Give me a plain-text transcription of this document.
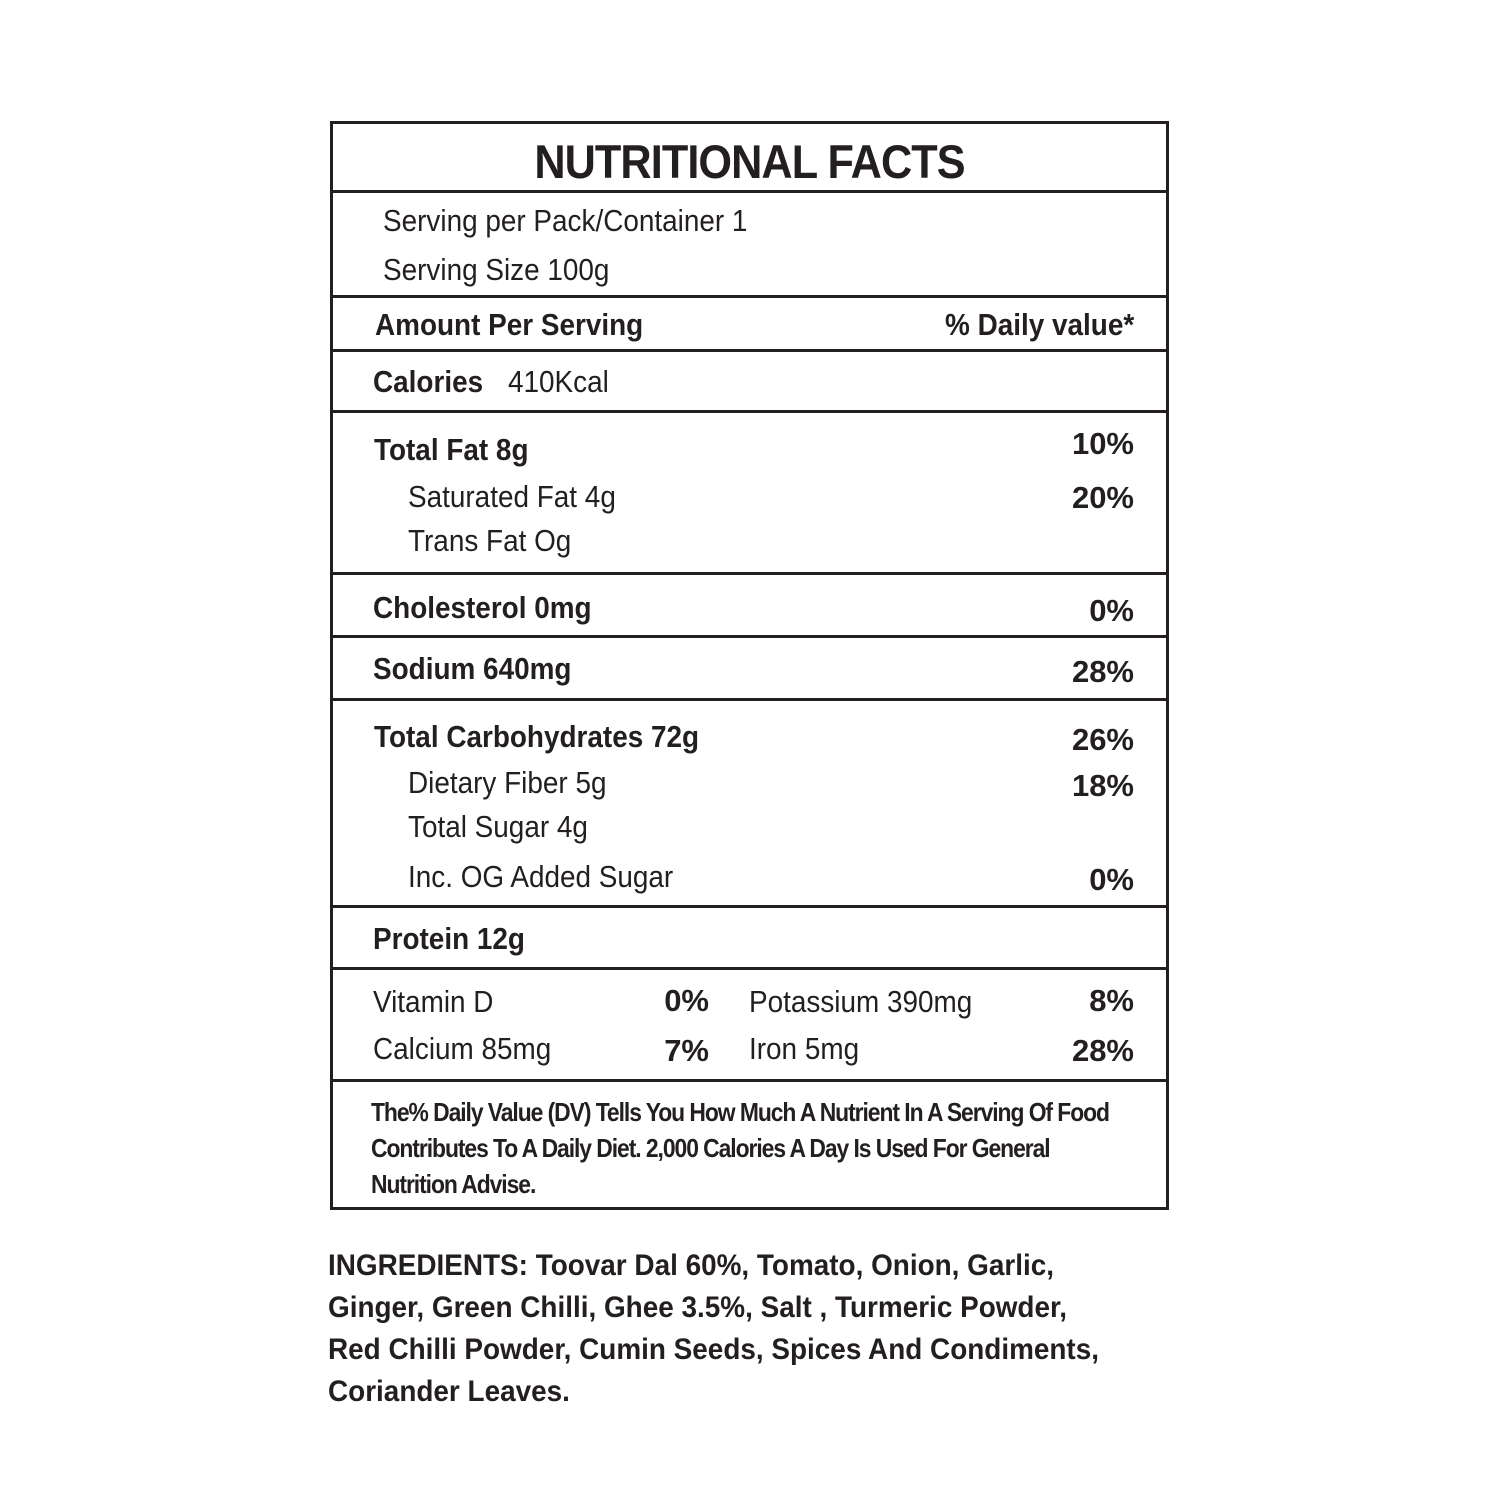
NUTRITIONAL FACTS
Serving per Pack/Container 1
Serving Size 100g
Amount Per Serving	% Daily value*
Calories 410Kcal
Total Fat 8g	10%
Saturated Fat 4g	20%
Trans Fat Og
Cholesterol 0mg	0%
Sodium 640mg	28%
Total Carbohydrates 72g	26%
Dietary Fiber 5g	18%
Total Sugar 4g
Inc. OG Added Sugar	0%
Protein 12g
Vitamin D	0% Potassium 390mg	8%
Calcium 85mg	7% Iron 5mg	28%
The% Daily Value (DV) Tells You How Much A Nutrient In A Serving Of Food
Contributes To A Daily Diet. 2,000 Calories A Day Is Used For General
Nutrition Advise.
INGREDIENTS: Toovar Dal 60%, Tomato, Onion, Garlic,
Ginger, Green Chilli, Ghee 3.5%, Salt , Turmeric Powder,
Red Chilli Powder, Cumin Seeds, Spices And Condiments,
Coriander Leaves.
